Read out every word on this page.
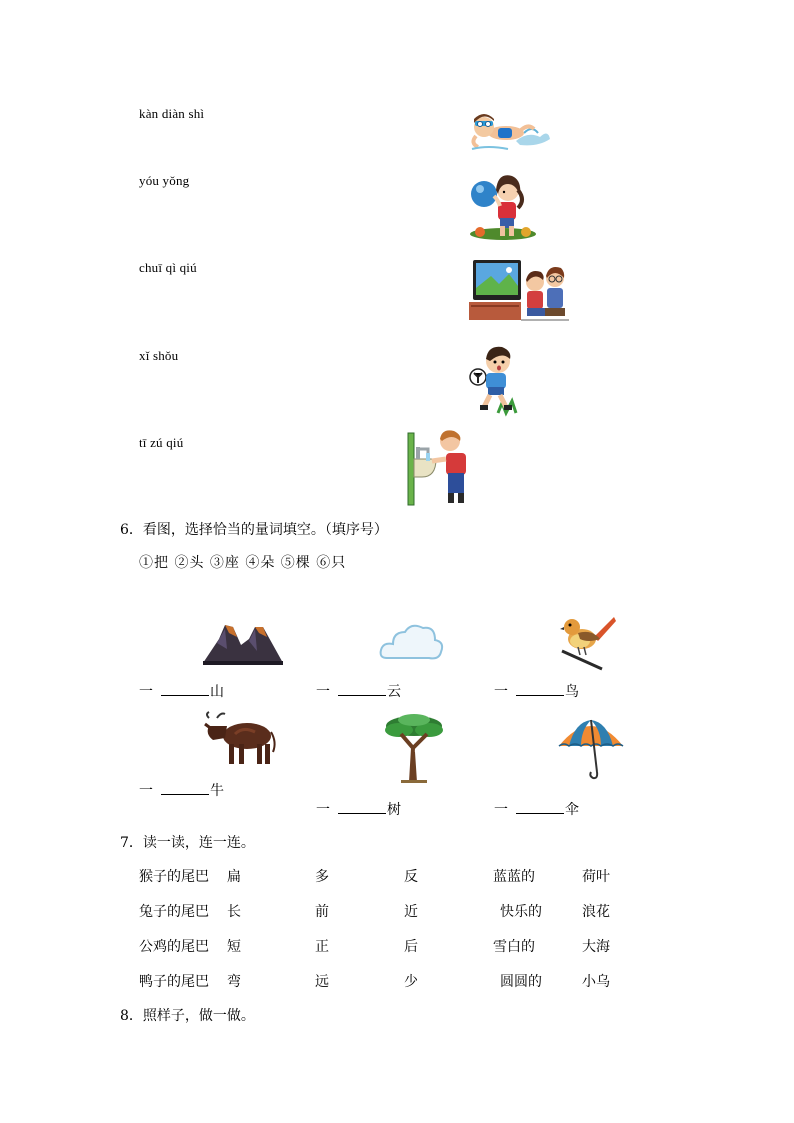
kàn diàn shì
yóu yǒng
chuī qì qiú
xǐ shǒu
tī zú qiú
6．看图，选择恰当的量词填空。（填序号）
①把 ②头 ③座 ④朵 ⑤棵 ⑥只
一	山	一	云	一	鸟
一	牛
一	树	一	伞
7．读一读，连一连。
猴子的尾巴 扁	多	反	蓝蓝的	荷叶
兔子的尾巴 长	前	近	快乐的	浪花
公鸡的尾巴 短	正	后	雪白的	大海
鸭子的尾巴 弯	远	少	圆圆的	小乌
8．照样子，做一做。
